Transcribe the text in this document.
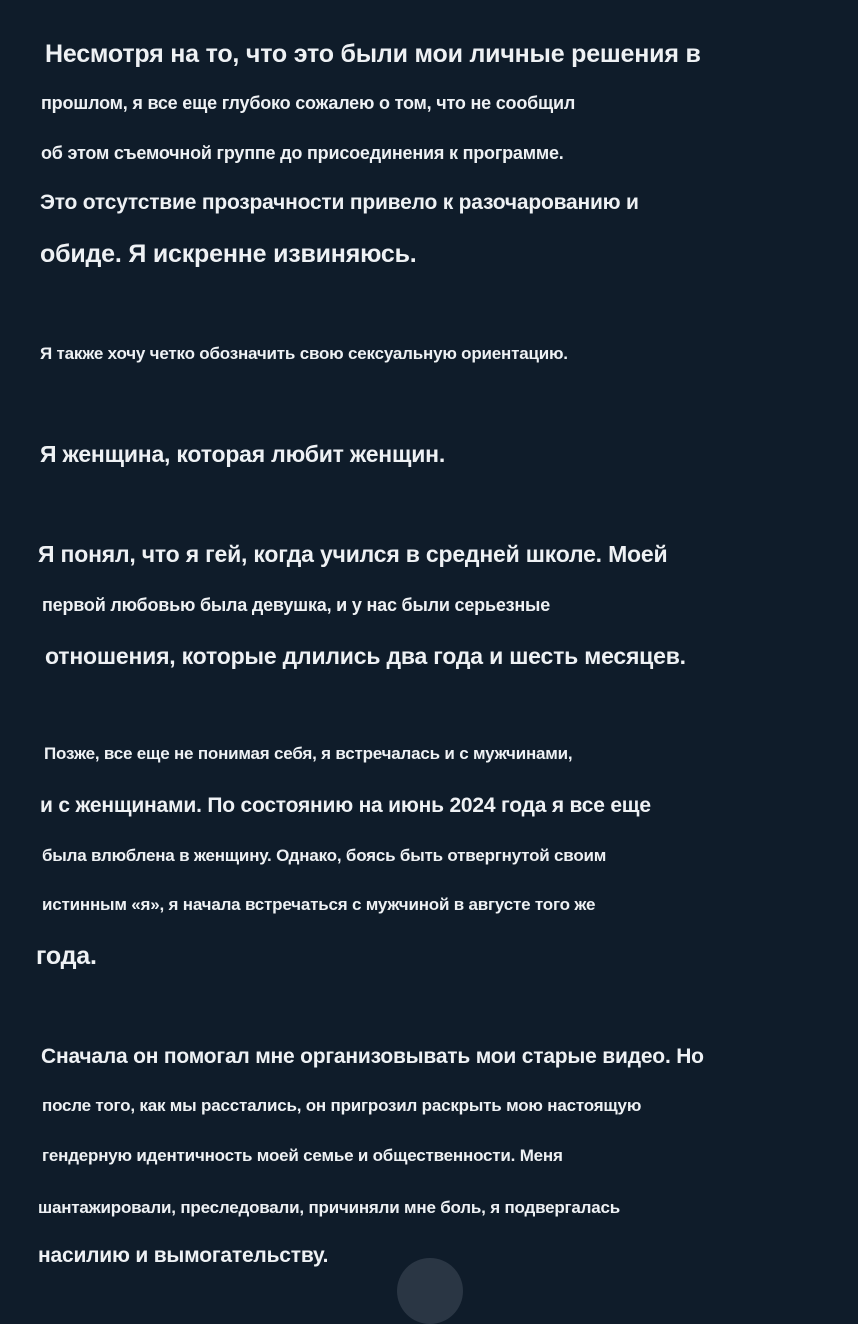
Несмотря на то, что это были мои личные решения в
прошлом, я все еще глубоко сожалею о том, что не сообщил
об этом съемочной группе до присоединения к программе.
Это отсутствие прозрачности привело к разочарованию и
обиде. Я искренне извиняюсь.
Я также хочу четко обозначить свою сексуальную ориентацию.
Я женщина, которая любит женщин.
Я понял, что я гей, когда учился в средней школе. Моей
первой любовью была девушка, и у нас были серьезные
отношения, которые длились два года и шесть месяцев.
Позже, все еще не понимая себя, я встречалась и с мужчинами,
и с женщинами. По состоянию на июнь 2024 года я все еще
была влюблена в женщину. Однако, боясь быть отвергнутой своим
истинным «я», я начала встречаться с мужчиной в августе того же
года.
Сначала он помогал мне организовывать мои старые видео. Но
после того, как мы расстались, он пригрозил раскрыть мою настоящую
гендерную идентичность моей семье и общественности. Меня
шантажировали, преследовали, причиняли мне боль, я подвергалась
насилию и вымогательству.
